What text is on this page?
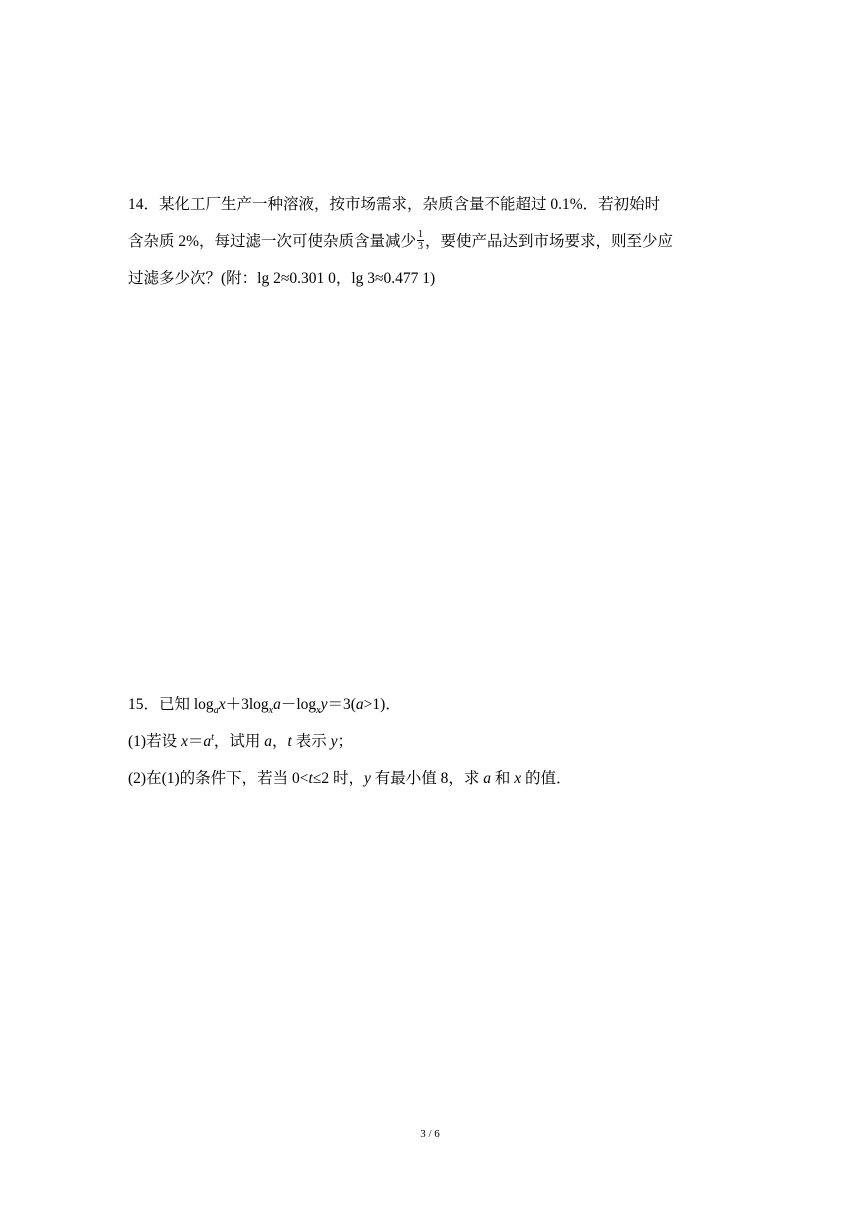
14．某化工厂生产一种溶液，按市场需求，杂质含量不能超过 0.1%．若初始时

含杂质 2%，每过滤一次可使杂质含量减少 $\frac{1}{3}$ ，要使产品达到市场要求，则至少应

过滤多少次？(附：lg 2≈0.301 0，lg 3≈0.477 1)

15．已知 $\log_ax+3\log_xa-\log_xy=3(a>1)$．

(1)若设 $x=a^t$，试用 a，t 表示 y；

(2)在(1)的条件下，若当 0<t≤2 时，y 有最小值 8，求 a 和 x 的值．

3 / 6
